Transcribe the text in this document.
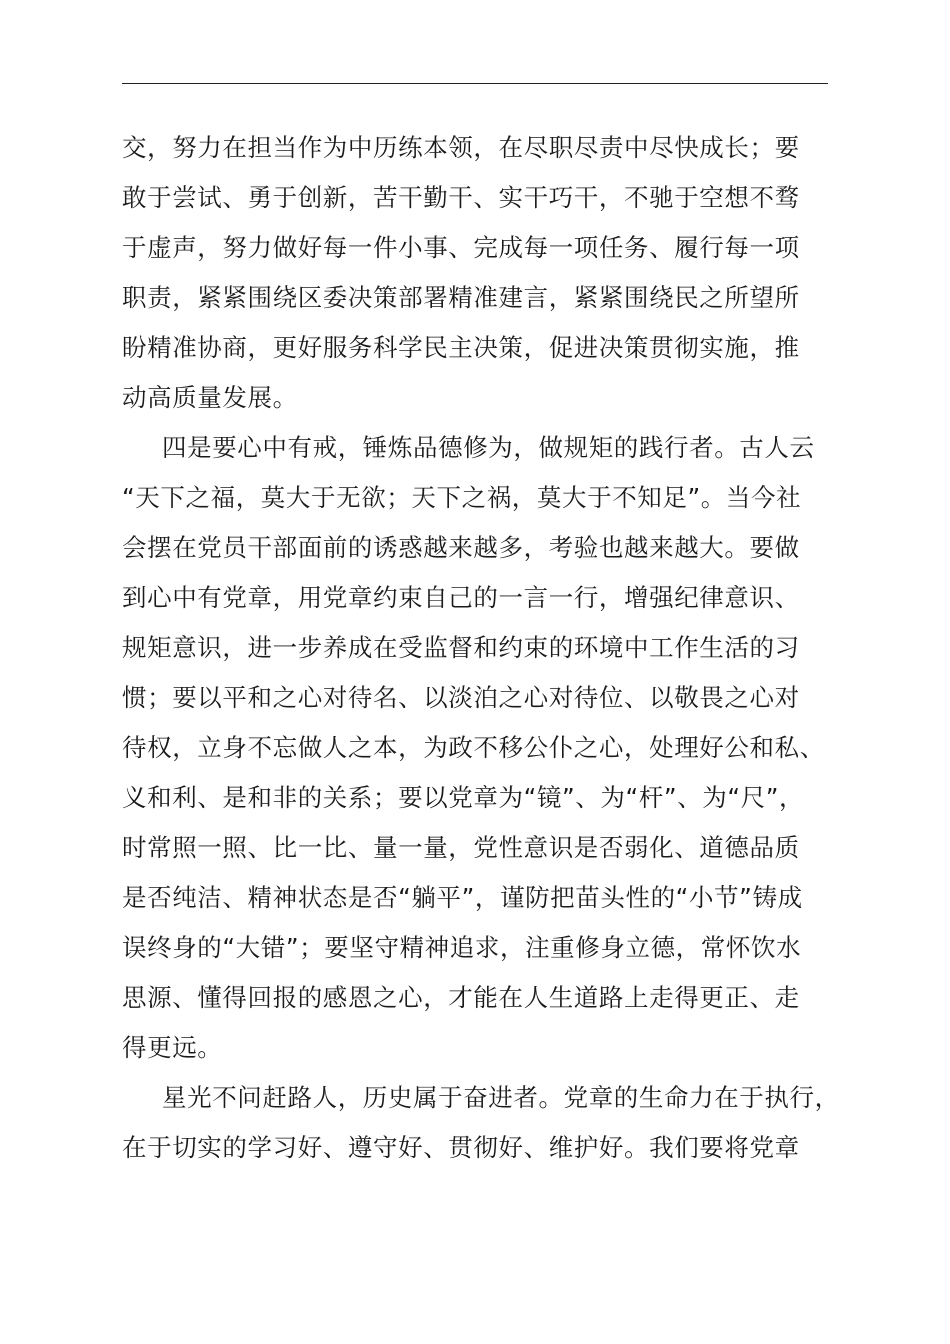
交，努力在担当作为中历练本领，在尽职尽责中尽快成长；要
敢于尝试、勇于创新，苦干勤干、实干巧干，不驰于空想不骛
于虚声，努力做好每一件小事、完成每一项任务、履行每一项
职责，紧紧围绕区委决策部署精准建言，紧紧围绕民之所望所
盼精准协商，更好服务科学民主决策，促进决策贯彻实施，推
动高质量发展。
四是要心中有戒，锤炼品德修为，做规矩的践行者。古人云
“天下之福，莫大于无欲；天下之祸，莫大于不知足”。当今社
会摆在党员干部面前的诱惑越来越多，考验也越来越大。要做
到心中有党章，用党章约束自己的一言一行，增强纪律意识、
规矩意识，进一步养成在受监督和约束的环境中工作生活的习
惯；要以平和之心对待名、以淡泊之心对待位、以敬畏之心对
待权，立身不忘做人之本，为政不移公仆之心，处理好公和私、
义和利、是和非的关系；要以党章为“镜”、为“杆”、为“尺”，
时常照一照、比一比、量一量，党性意识是否弱化、道德品质
是否纯洁、精神状态是否“躺平”，谨防把苗头性的“小节”铸成
误终身的“大错”；要坚守精神追求，注重修身立德，常怀饮水
思源、懂得回报的感恩之心，才能在人生道路上走得更正、走
得更远。
星光不问赶路人，历史属于奋进者。党章的生命力在于执行，
在于切实的学习好、遵守好、贯彻好、维护好。我们要将党章
